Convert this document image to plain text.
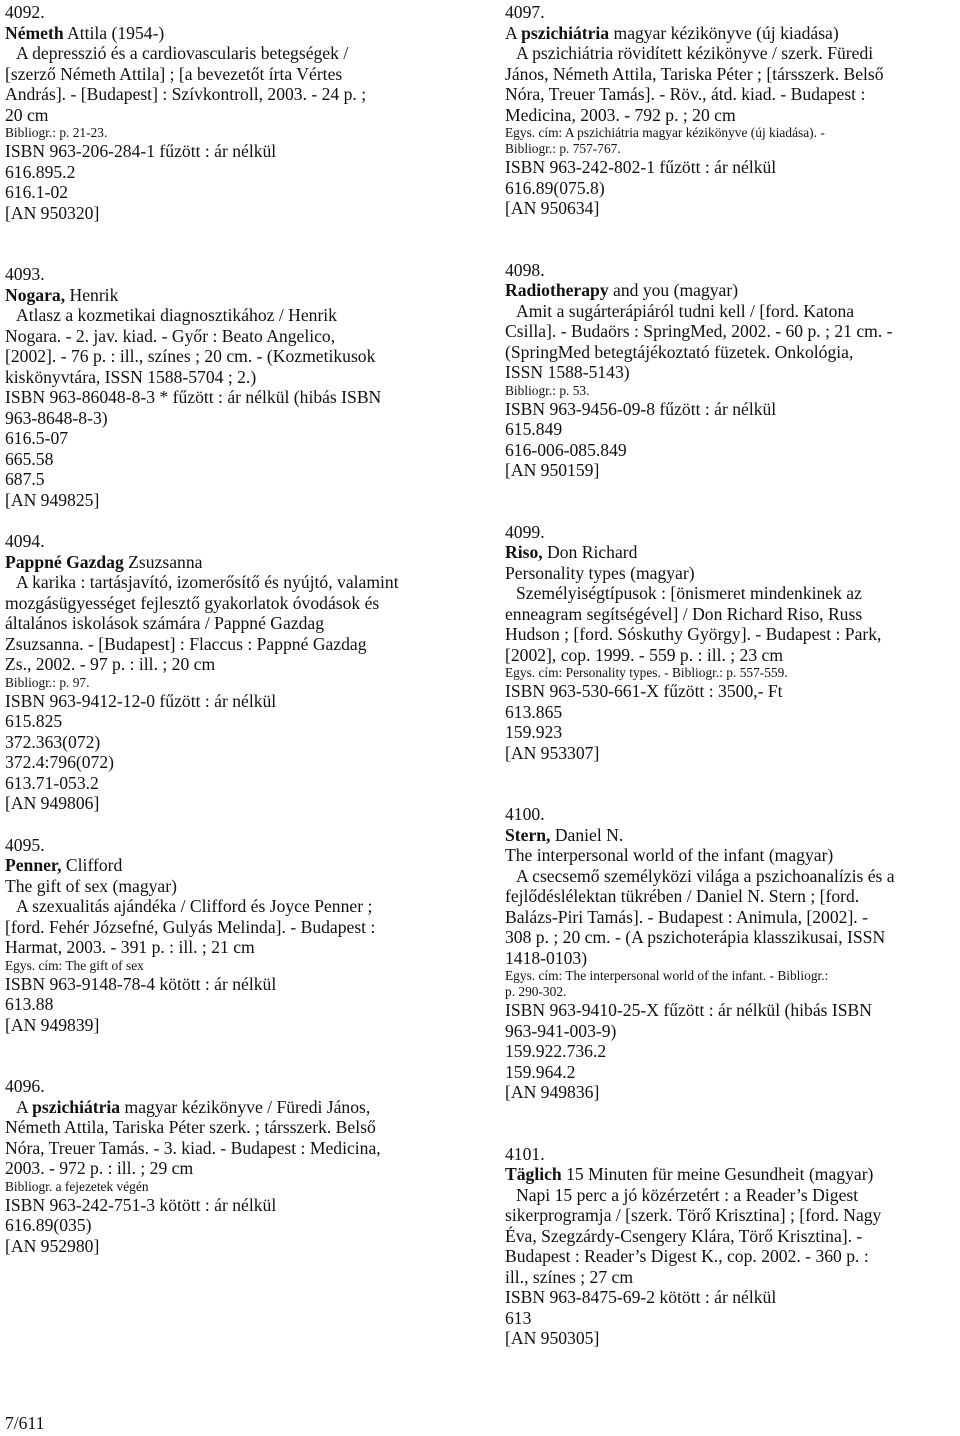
4092.
Németh Attila (1954-)
A depresszió és a cardiovascularis betegségek /
[szerző Németh Attila] ; [a bevezetőt írta Vértes
András]. - [Budapest] : Szívkontroll, 2003. - 24 p. ;
20 cm
Bibliogr.: p. 21-23.
ISBN 963-206-284-1 fűzött : ár nélkül
616.895.2
616.1-02
[AN 950320]
4093.
Nogara, Henrik
Atlasz a kozmetikai diagnosztikához / Henrik
Nogara. - 2. jav. kiad. - Győr : Beato Angelico,
[2002]. - 76 p. : ill., színes ; 20 cm. - (Kozmetikusok
kiskönyvtára, ISSN 1588-5704 ; 2.)
ISBN 963-86048-8-3 * fűzött : ár nélkül (hibás ISBN
963-8648-8-3)
616.5-07
665.58
687.5
[AN 949825]
4094.
Pappné Gazdag Zsuzsanna
A karika : tartásjavító, izomerősítő és nyújtó, valamint
mozgásügyességet fejlesztő gyakorlatok óvodások és
általános iskolások számára / Pappné Gazdag
Zsuzsanna. - [Budapest] : Flaccus : Pappné Gazdag
Zs., 2002. - 97 p. : ill. ; 20 cm
Bibliogr.: p. 97.
ISBN 963-9412-12-0 fűzött : ár nélkül
615.825
372.363(072)
372.4:796(072)
613.71-053.2
[AN 949806]
4095.
Penner, Clifford
The gift of sex (magyar)
A szexualitás ajándéka / Clifford és Joyce Penner ;
[ford. Fehér Józsefné, Gulyás Melinda]. - Budapest :
Harmat, 2003. - 391 p. : ill. ; 21 cm
Egys. cím: The gift of sex
ISBN 963-9148-78-4 kötött : ár nélkül
613.88
[AN 949839]
4096.
A pszichiátria magyar kézikönyve / Füredi János,
Németh Attila, Tariska Péter szerk. ; társszerk. Belső
Nóra, Treuer Tamás. - 3. kiad. - Budapest : Medicina,
2003. - 972 p. : ill. ; 29 cm
Bibliogr. a fejezetek végén
ISBN 963-242-751-3 kötött : ár nélkül
616.89(035)
[AN 952980]
4097.
A pszichiátria magyar kézikönyve (új kiadása)
A pszichiátria rövidített kézikönyve / szerk. Füredi
János, Németh Attila, Tariska Péter ; [társszerk. Belső
Nóra, Treuer Tamás]. - Röv., átd. kiad. - Budapest :
Medicina, 2003. - 792 p. ; 20 cm
Egys. cím: A pszichiátria magyar kézikönyve (új kiadása). -
Bibliogr.: p. 757-767.
ISBN 963-242-802-1 fűzött : ár nélkül
616.89(075.8)
[AN 950634]
4098.
Radiotherapy and you (magyar)
Amit a sugárterápiáról tudni kell / [ford. Katona
Csilla]. - Budaörs : SpringMed, 2002. - 60 p. ; 21 cm. -
(SpringMed betegtájékoztató füzetek. Onkológia,
ISSN 1588-5143)
Bibliogr.: p. 53.
ISBN 963-9456-09-8 fűzött : ár nélkül
615.849
616-006-085.849
[AN 950159]
4099.
Riso, Don Richard
Personality types (magyar)
Személyiségtípusok : [önismeret mindenkinek az
enneagram segítségével] / Don Richard Riso, Russ
Hudson ; [ford. Sóskuthy György]. - Budapest : Park,
[2002], cop. 1999. - 559 p. : ill. ; 23 cm
Egys. cím: Personality types. - Bibliogr.: p. 557-559.
ISBN 963-530-661-X fűzött : 3500,- Ft
613.865
159.923
[AN 953307]
4100.
Stern, Daniel N.
The interpersonal world of the infant (magyar)
A csecsemő személyközi világa a pszichoanalízis és a
fejlődéslélektan tükrében / Daniel N. Stern ; [ford.
Balázs-Piri Tamás]. - Budapest : Animula, [2002]. -
308 p. ; 20 cm. - (A pszichoterápia klasszikusai, ISSN
1418-0103)
Egys. cím: The interpersonal world of the infant. - Bibliogr.:
p. 290-302.
ISBN 963-9410-25-X fűzött : ár nélkül (hibás ISBN
963-941-003-9)
159.922.736.2
159.964.2
[AN 949836]
4101.
Täglich 15 Minuten für meine Gesundheit (magyar)
Napi 15 perc a jó közérzetért : a Reader’s Digest
sikerprogramja / [szerk. Törő Krisztina] ; [ford. Nagy
Éva, Szegzárdy-Csengery Klára, Törő Krisztina]. -
Budapest : Reader’s Digest K., cop. 2002. - 360 p. :
ill., színes ; 27 cm
ISBN 963-8475-69-2 kötött : ár nélkül
613
[AN 950305]
7/611
